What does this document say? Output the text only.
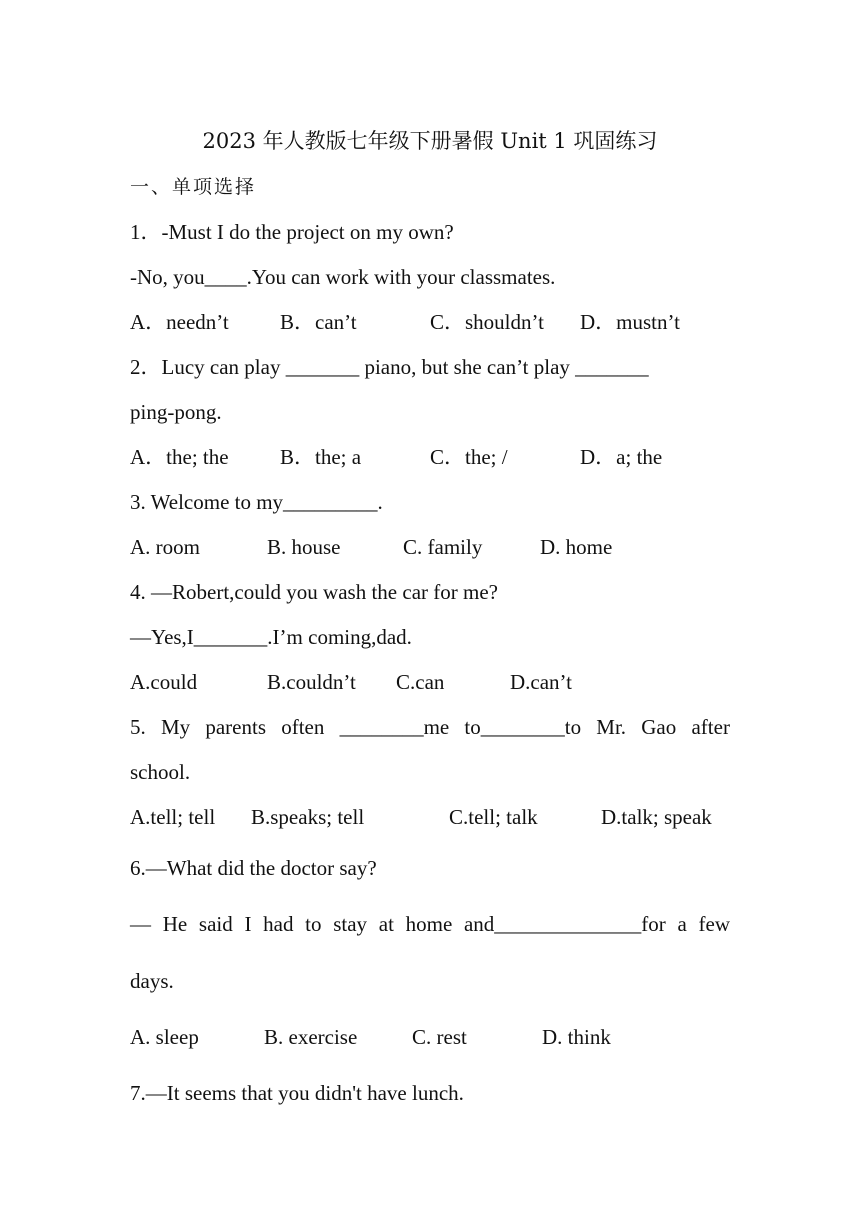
2023 年人教版七年级下册暑假 Unit 1 巩固练习
一、单项选择
1．-Must I do the project on my own?
-No, you____.You can work with your classmates.
A．needn’t B．can’t	C．shouldn’t D．mustn’t
2．Lucy can play _______ piano, but she can’t play _______
ping-pong.
A．the; the B．the; a	C．the; /	D．a; the
3. Welcome to my_________.
A. room	B. house	C. family	D. home
4. —Robert,could you wash the car for me?
—Yes,I_______.I’m coming,dad.
A.could	B.couldn’t C.can	D.can’t
5. My parents often ________me to________to Mr. Gao after
school.
A.tell; tell B.speaks; tell	C.tell; talk	D.talk; speak
6.—What did the doctor say?
— He said I had to stay at home and______________for a few
days.
A. sleep	B. exercise	C. rest	D. think
7.—It seems that you didn't have lunch.
